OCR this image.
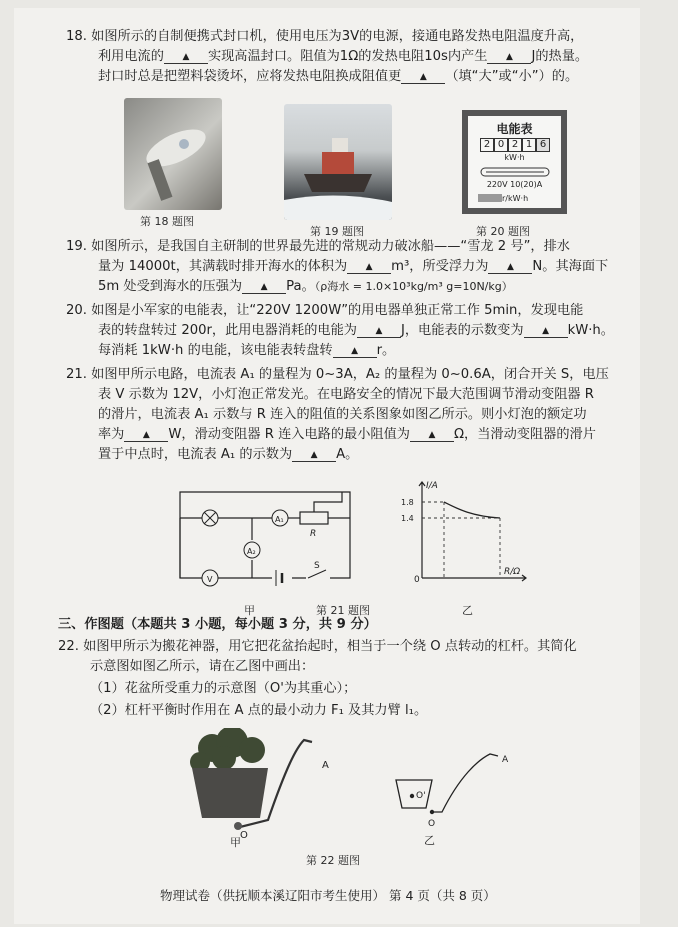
18. 如图所示的自制便携式封口机，使用电压为3V的电源，接通电路发热电阻温度升高，
利用电流的 ▲ 实现高温封口。阻值为1Ω的发热电阻10s内产生 ▲ J的热量。
封口时总是把塑料袋烫坏，应将发热电阻换成阻值更 ▲ （填“大”或“小”）的。
第 18 题图
第 19 题图
电能表
2 0 2 1 6
kW·h
220V 10(20)A
r/kW·h
第 20 题图
19. 如图所示，是我国自主研制的世界最先进的常规动力破冰船——“雪龙 2 号”，排水
量为 14000t，其满载时排开海水的体积为 ▲ m³，所受浮力为 ▲ N。其海面下
5m 处受到海水的压强为 ▲ Pa。（ρ海水 = 1.0×10³kg/m³ g=10N/kg）
20. 如图是小军家的电能表，让“220V 1200W”的用电器单独正常工作 5min，发现电能
表的转盘转过 200r，此用电器消耗的电能为 ▲ J，电能表的示数变为 ▲ kW·h。
每消耗 1kW·h 的电能，该电能表转盘转 ▲ r。
21. 如图甲所示电路，电流表 A₁ 的量程为 0~3A，A₂ 的量程为 0~0.6A，闭合开关 S，电压
表 V 示数为 12V，小灯泡正常发光。在电路安全的情况下最大范围调节滑动变阻器 R
的滑片，电流表 A₁ 示数与 R 连入的阻值的关系图象如图乙所示。则小灯泡的额定功
率为 ▲ W，滑动变阻器 R 连入电路的最小阻值为 ▲ Ω，当滑动变阻器的滑片
置于中点时，电流表 A₁ 的示数为 ▲ A。
A₁
A₂
V
R
S
甲	第 21 题图
I/A
R/Ω
0
1.8
1.4
乙
三、作图题（本题共 3 小题，每小题 3 分，共 9 分）
22. 如图甲所示为搬花神器，用它把花盆抬起时，相当于一个绕 O 点转动的杠杆。其简化
示意图如图乙所示，请在乙图中画出：
（1）花盆所受重力的示意图（O'为其重心）；
（2）杠杆平衡时作用在 A 点的最小动力 F₁ 及其力臂 l₁。
A
O
甲
O'
O
A
乙
第 22 题图
物理试卷（供抚顺本溪辽阳市考生使用） 第 4 页（共 8 页）
